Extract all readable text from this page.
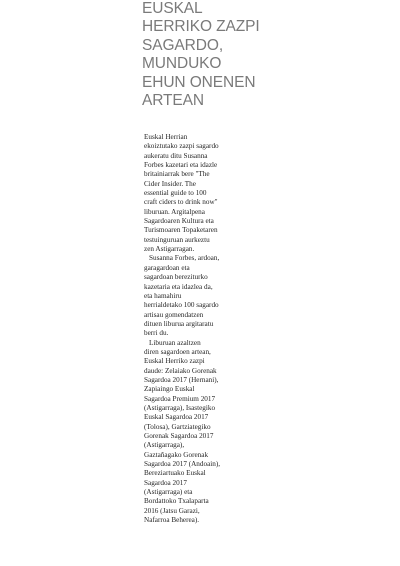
EUSKAL
HERRIKO ZAZPI
SAGARDO,
MUNDUKO
EHUN ONENEN
ARTEAN

Euskal Herrian
ekoiztutako zazpi sagardo
aukeratu ditu Susanna
Forbes kazetari eta idazle
britainiarrak bere "The
Cider Insider. The
essential guide to 100
craft ciders to drink now"
liburuan. Argitalpena
Sagardoaren Kultura eta
Turismoaren Topaketaren
testuinguruan aurkeztu
zen Astigarragan.

Susanna Forbes, ardoan,
garagardoan eta
sagardoan bereziturko
kazetaria eta idazlea da,
eta hamahiru
herrialdetako 100 sagardo
artisau gomendatzen
dituen liburua argitaratu
berri du.

Liburuan azaltzen
diren sagardoen artean,
Euskal Herriko zazpi
daude: Zelaiako Gorenak
Sagardoa 2017 (Hernani),
Zapiaingo Euskal
Sagardoa Premium 2017
(Astigarraga), Isastegiko
Euskal Sagardoa 2017
(Tolosa), Gartziategiko
Gorenak Sagardoa 2017
(Astigarraga),
Gaztañagako Gorenak
Sagardoa 2017 (Andoain),
Bereziartuako Euskal
Sagardoa 2017
(Astigarraga) eta
Bordattoko Txalaparta
2016 (Jatsu Garazi,
Nafarroa Beherea).
